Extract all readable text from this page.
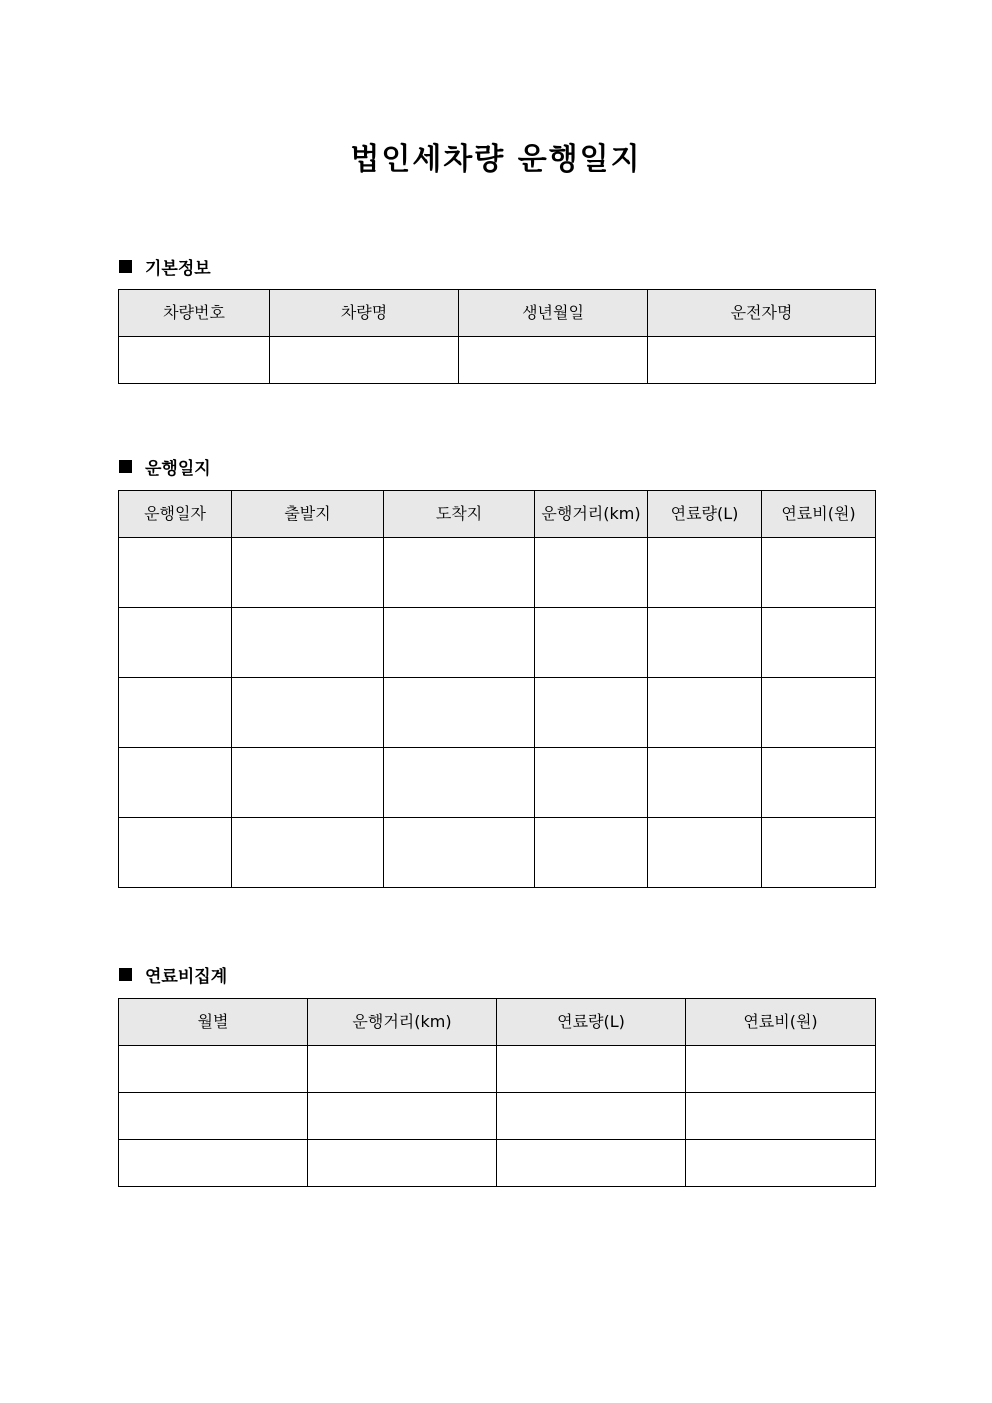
법인세차량 운행일지
기본정보
차량번호	차량명	생년월일	운전자명

운행일지
운행일자	출발지	도착지	운행거리(km)	연료량(L)	연료비(원)

연료비집계
월별	운행거리(km)	연료량(L)	연료비(원)
